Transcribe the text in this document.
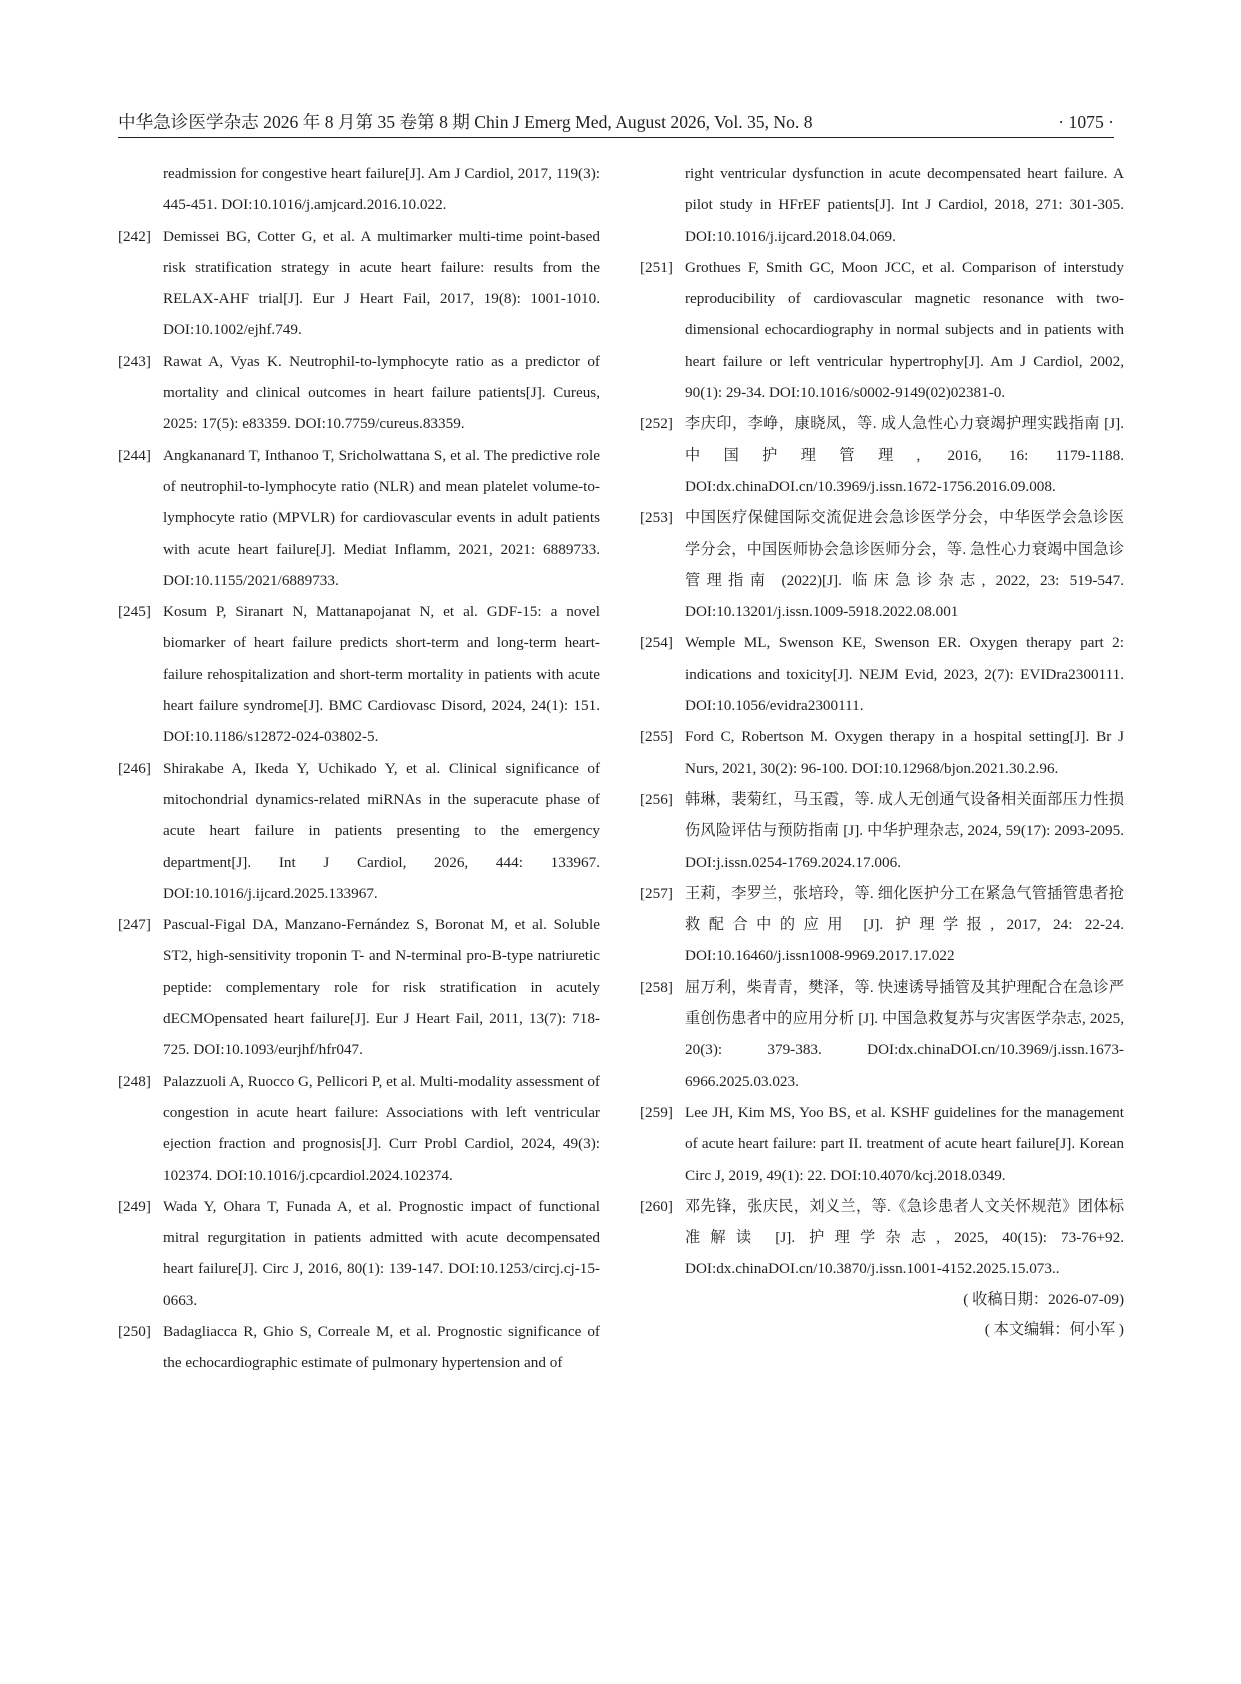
中华急诊医学杂志 2026 年 8 月第 35 卷第 8 期 Chin J Emerg Med, August 2026, Vol. 35, No. 8	· 1075 ·
readmission for congestive heart failure[J]. Am J Cardiol, 2017, 119(3): 445-451. DOI:10.1016/j.amjcard.2016.10.022.
[242] Demissei BG, Cotter G, et al. A multimarker multi-time point-based risk stratification strategy in acute heart failure: results from the RELAX-AHF trial[J]. Eur J Heart Fail, 2017, 19(8): 1001-1010. DOI:10.1002/ejhf.749.
[243] Rawat A, Vyas K. Neutrophil-to-lymphocyte ratio as a predictor of mortality and clinical outcomes in heart failure patients[J]. Cureus, 2025: 17(5): e83359. DOI:10.7759/cureus.83359.
[244] Angkananard T, Inthanoo T, Sricholwattana S, et al. The predictive role of neutrophil-to-lymphocyte ratio (NLR) and mean platelet volume-to-lymphocyte ratio (MPVLR) for cardiovascular events in adult patients with acute heart failure[J]. Mediat Inflamm, 2021, 2021: 6889733. DOI:10.1155/2021/6889733.
[245] Kosum P, Siranart N, Mattanapojanat N, et al. GDF-15: a novel biomarker of heart failure predicts short-term and long-term heart-failure rehospitalization and short-term mortality in patients with acute heart failure syndrome[J]. BMC Cardiovasc Disord, 2024, 24(1): 151. DOI:10.1186/s12872-024-03802-5.
[246] Shirakabe A, Ikeda Y, Uchikado Y, et al. Clinical significance of mitochondrial dynamics-related miRNAs in the superacute phase of acute heart failure in patients presenting to the emergency department[J]. Int J Cardiol, 2026, 444: 133967. DOI:10.1016/j.ijcard.2025.133967.
[247] Pascual-Figal DA, Manzano-Fernández S, Boronat M, et al. Soluble ST2, high-sensitivity troponin T- and N-terminal pro-B-type natriuretic peptide: complementary role for risk stratification in acutely dECMOpensated heart failure[J]. Eur J Heart Fail, 2011, 13(7): 718-725. DOI:10.1093/eurjhf/hfr047.
[248] Palazzuoli A, Ruocco G, Pellicori P, et al. Multi-modality assessment of congestion in acute heart failure: Associations with left ventricular ejection fraction and prognosis[J]. Curr Probl Cardiol, 2024, 49(3): 102374. DOI:10.1016/j.cpcardiol.2024.102374.
[249] Wada Y, Ohara T, Funada A, et al. Prognostic impact of functional mitral regurgitation in patients admitted with acute decompensated heart failure[J]. Circ J, 2016, 80(1): 139-147. DOI:10.1253/circj.cj-15-0663.
[250] Badagliacca R, Ghio S, Correale M, et al. Prognostic significance of the echocardiographic estimate of pulmonary hypertension and of
right ventricular dysfunction in acute decompensated heart failure. A pilot study in HFrEF patients[J]. Int J Cardiol, 2018, 271: 301-305. DOI:10.1016/j.ijcard.2018.04.069.
[251] Grothues F, Smith GC, Moon JCC, et al. Comparison of interstudy reproducibility of cardiovascular magnetic resonance with two-dimensional echocardiography in normal subjects and in patients with heart failure or left ventricular hypertrophy[J]. Am J Cardiol, 2002, 90(1): 29-34. DOI:10.1016/s0002-9149(02)02381-0.
[252] 李庆印，李峥，康晓凤，等. 成人急性心力衰竭护理实践指南 [J]. 中国护理管理, 2016, 16: 1179-1188. DOI:dx.chinaDOI.cn/10.3969/j.issn.1672-1756.2016.09.008.
[253] 中国医疗保健国际交流促进会急诊医学分会，中华医学会急诊医学分会，中国医师协会急诊医师分会，等. 急性心力衰竭中国急诊管理指南 (2022)[J]. 临床急诊杂志, 2022, 23: 519-547. DOI:10.13201/j.issn.1009-5918.2022.08.001
[254] Wemple ML, Swenson KE, Swenson ER. Oxygen therapy part 2: indications and toxicity[J]. NEJM Evid, 2023, 2(7): EVIDra2300111. DOI:10.1056/evidra2300111.
[255] Ford C, Robertson M. Oxygen therapy in a hospital setting[J]. Br J Nurs, 2021, 30(2): 96-100. DOI:10.12968/bjon.2021.30.2.96.
[256] 韩琳，裴菊红，马玉霞，等. 成人无创通气设备相关面部压力性损伤风险评估与预防指南 [J]. 中华护理杂志, 2024, 59(17): 2093-2095. DOI:j.issn.0254-1769.2024.17.006.
[257] 王莉，李罗兰，张培玲，等. 细化医护分工在紧急气管插管患者抢救配合中的应用 [J]. 护理学报, 2017, 24: 22-24. DOI:10.16460/j.issn1008-9969.2017.17.022
[258] 屈万利，柴青青，樊泽，等. 快速诱导插管及其护理配合在急诊严重创伤患者中的应用分析 [J]. 中国急救复苏与灾害医学杂志, 2025, 20(3): 379-383. DOI:dx.chinaDOI.cn/10.3969/j.issn.1673-6966.2025.03.023.
[259] Lee JH, Kim MS, Yoo BS, et al. KSHF guidelines for the management of acute heart failure: part II. treatment of acute heart failure[J]. Korean Circ J, 2019, 49(1): 22. DOI:10.4070/kcj.2018.0349.
[260] 邓先锋，张庆民，刘义兰，等.《急诊患者人文关怀规范》团体标准解读 [J]. 护理学杂志, 2025, 40(15): 73-76+92. DOI:dx.chinaDOI.cn/10.3870/j.issn.1001-4152.2025.15.073..
( 收稿日期：2026-07-09)
( 本文编辑：何小军 )
